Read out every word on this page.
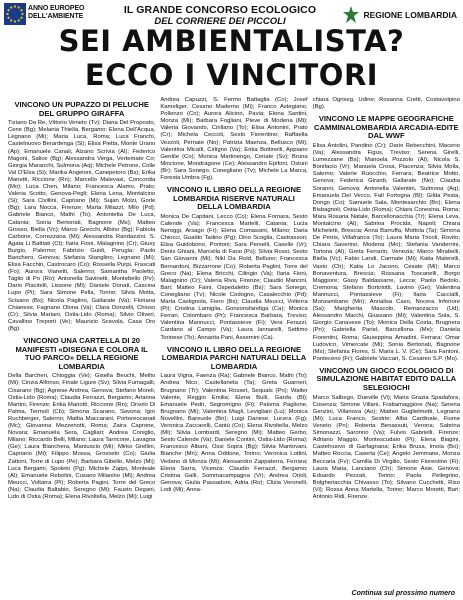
ANNO EUROPEO
DELL'AMBIENTE
IL GRANDE CONCORSO ECOLOGICO
DEL CORRIERE DEI PICCOLI
REGIONE LOMBARDIA
SEI AMBIENTALISTA?
ECCO I VINCITORI
VINCONO UN PUPAZZO DI PELUCHE DEL GRUPPO GIRAFFA
Tiziano Da Re, Vittorio Veneto (Tv); Diana Del Proposto, Cene (Bg); Melania Thiella, Bergamo; Elena Dell'Acqua, Legnano (Mi); Maria Luca, Roma; Luca Franchi, Castelnuovo Berardenga (Si); Elisa Pietta, Monte Urano (Ap); Emanuele Canali, Alzano Scrivia (Al); Federico Magoni, Salice (Bg); Alessandra Verga, Vertemate Co; Giorgia Maranchi, Sulmona (Aq); Michele Petrone, Colle Val D'Elsa (Si); Marika Angeloni, Canepetoro (Bs); Erika Manetti, Riccione (Rn); Marcello Malevasi, Concordia (Mo); Luca Chen, Milano; Francesca Alamo, Prato; Valeria Scotto, Genova-Pegli; Elena Lena, Montalcino (Si); Sara Civillini, Capriano (Mi); Sujan Molzi, Gorle (Bg); Lara Nocca, Firenze; Marta Milazzi, Milo (Pd); Gabriele Bianco, Mathi (To); Antonietta De Luca, Catania; Sonia Bertonati, Bagnone (Ms); Matteo Grosso, Biella (Vc); Marco Grecchi, Albino (Bg); Fabiola Carbone, Correzzana (Mi); Alessandra Randazzini, S. Agata Li Battiati (Ct); Ilaria Fioni, Malagnino (Cr); Giusy Burgio, Palermo; Fabrizio Guidi, Perugia; Paolo Banchero, Genova; Stefania Stanglino, Legnano (Mi); Elisa Facchin, Castrocaro (Co); Rossella Purpi, Frascati (Fo); Aurora Vianetti, Salerno; Samantha Paoletto, Taglio di Po (Ro); Antonella Savinetti, Montebello (Pv); Dario Piacitelli, Lissone (Mi); Daniele Donati, Cascina Lupo (Pi); Sara Simone Pella, Torino; Silvia Motta, Scisano (Bs); Nicola Paglino, Gallarate (Va); Floriana Chianese, Fagnano Olona (Va); Clara Donzelli, Chioso (Cr); Silvia Mariani, Ostia-Lido (Roma); Silvio Oliveri, Cavallino Treporti (Ve); Maurizio Scevola, Casa Oro (Bg).
VINCONO UNA CARTELLA DI 20 MANIFESTI «DISEGNA E COLORA IL TUO PARCO» DELLA REGIONE LOMBARDIA
Della Barcheri, Chioggia (Ve); Gisella Beuchi, Melito (Mi); Cinzia Alfonso, Finale Ligure (Sv); Silvia Fumagalli, Cisarano (Bg); Agnese Andrea, Genova; Stefano Moreli, Ostia-Lido (Roma); Claudia Ferrazzi, Bergamo; Arianna Martini, Firenze; Erika Mariotti, Riccione (Rn); Orsolo Di Palma, Termoli (Cb); Simona Scarano, Savona; Igor Ruchberger, Salerno; Mattia Maccarani, Portoreocanati (Mc); Giovanna Mezzenotti, Roma; Zaira Caprone, Novara; Emanuela Sera, Cagliari; Andrea Coniglio, Milano; Riccardo Belli, Milano; Laura Tarricone, Lavagna (Ge); Laura Bianchera, Maniuscio (Mi); Mirko Grellini, Capriano (Mi); Filippo Mossa, Grosseto (Co); Giulia Zattoni, Torre di Lupo (Pe); Barbara Gibello, Melzo (Mi); Luca Bergami, Spoleto (Pg); Michele Zappi, Monleale (Al); Emanuele Rebolini, Cusano Milanino (Mi); Andrea Meucci, Voltarra (Pi); Roberta Pagini, Torre del Greco (Na); Claudia Baltabio, Seregno (Mi); Fausto Degani, Lido di Ostia (Roma); Elena Rivoltella, Melzo (Mi); Luigi
Andrea Capuzzi, S. Fermo Battaglia (Co); Josef Kameliger, Cesano Maderno (Mi); Franco Astegiano, Pollenzo (Cn); Aurora Alicino, Pavia; Elena Santini, Monza (Mi); Barbara Fogliani, Pieve di Modena (Mi); Valeria Giovando, Cirillano (To); Elisa Antonini, Prato (Cr); Michela Ceccoli, Sesto Fiorentino; Raffaella Vezzoli, Pernate (No); Patrizia Maenza, Bellusco (Mi); Valentina Micalli, Cirligno (Va); Erika Bottinelli, Appiano Gentile (Co); Monica Martinengo, Ceriale (Sv); Bruna Mincione, Mondragone (Ce); Alessandro Epifoni, Ostuni (Br); Sara Sonego, Conegliano (Tv); Michele La Marca, Foresta Umbra (Fg).
VINCONO IL LIBRO DELLA REGIONE LOMBARDIA RISERVE NATURALI DELLA LOMBARDIA
Monica De Capitani, Lecco (Co); Elena Fornara, Sesto Calende (Va); Francesca Martelli, Catania; Lucia Neroggi, Arsago (Fr); Elena Comassini, Milano; Daria Chiocci, Gualdo Tadino (Pg); Dino Scoglia, Castrasson; Elisa Guidobono, Pontoni; Sara Perselli, Caselle (Vr); Denis Ghiani, Marcella di Fano (Ps); Silvia Rossi, Sesto San Giovanni (Mi); Nikl Da Rold, Belluno; Francesca Bernardoni, Bizzarrone (Co); Roberta Paglini, Torre del Greco (Na); Elena Bricchi, Cilingio (Va); Ilaria Fioni, Malagnino (Cr); Valeria Riva, Firenze; Claudio Mancini, Bari; Matteo Faini, Ospedaletto (Bs); Sara Sonego, Conegliano (Tv); Nicole Codogno, Casalecchio (Pd); Marta Castignola, Fiero (Bs); Claudia Meucci, Volterra (Pi); Cristina Lamiglia, Gonzonsfandiga (Ca); Monica Ferrari, Colombaro (Pr); Francesca Barbara, Treviso; Valentina Mannucci, Pontassieve (Fi); Vera Ferazzi, Cardano al Campo (Va); Laura Iannarelli, Settimo Torinese (To); Annarita Pani, Assemini (Ca).
VINCONO IL LIBRO DELLA REGIONE LOMBARDIA PARCHI NATURALI DELLA LOMBARDIA
Laura Vigna, Faenza (Ra); Gabriele Bianco, Mathi (To); Andrea Nico, Castellaneta (Ta); Greta Guarneri, Brugnano (Tr); Valentina Rosset, Sequals (Pn); Walter Valente, Reggio Emilia; Elena Bulli, Garda (Bl); Emanuele Pedri, Segromigno (Fi); Paloma Paglione, Brugnano (Mi); Valentina Magli, Levigliani (Lu); Monica Novellini, Bareuole (Bn); Luigi Danese, Lucera (Fg); Veronica Zaccarelli, Cantù (Co); Elena Rivoltella, Melzo (Mi); Silvia Lombardi, Seregno (Mi); Matteo Gerbo, Sesto Calende (Va); Daniele Contini, Ostia-Lido (Roma); Francesco Albani, Ossi Sopra (Bg); Silvia Mantovani, Bianche (Mn); Anna Oddone, Torino; Veronica Lottini, Vedano di Monza (Mi); Alessandro Zappaterra, Ferrara; Elena Sarra, Vicenza; Claudio Ferrazzi, Bergamo; Cristina Galli, Sommacampagna (Vr); Andrea Orioli, Genova; Giulia Passadore, Adria (Ro); Clizia Veronelli, Lodi (Mi); Anna-
chiara Ogriseg, Udine; Rosanna Cretti, Costavolpino (Bg).
VINCONO LE MAPPE GEOGRAFICHE CAMMINALOMBARDIA ARCADIA-EDITE DAL WWF
Elisa Antolini, Pandino (Cr); Dario Rebecchini, Macerio (Va); Alessandra Figus, Treviso; Serena Girelli, Lumezzane (Bs); Manoela Pozzolo (Al); Nicola S. Bonifacio (Vr); Manuela Crosa, Piacenza; Silvia Molla, Salerno; Valerie Ruocchio, Ferrara; Beatrice Motto, Genova; Federica Girardi, Gallarate (No); Claudia Soranni, Genova; Antonella Valentini, Sulmona (Aq); Emanuela Del Vecco, Fall Fortogna (Bl); Gilda Pesta, Dongo (Co); Samuele Sala, Montesarchio (Bn); Elena Bisbagnoli, Ostia-Lido (Roma); Chiara Conesina, Roma; Mara Rosaria Natale, Barcellonacchia (Tr); Elena Leva, Montalcino (Al); Sabrina Procida, Napoli; Chiara Micheletti, Brescia; Anna Barruffa, Mottola (Ta); Simona De Petris, Villafranca (To); Laura Maria Tricoli, Rovito; Chiara Saverino, Modena (Mo); Stefania Vanderrini, Tortona (Al); Greta Ferrarin, Venezia; Marco Mirabelli, Biella (Vc); Fabio Landi, Carmate (Mi); Katia Materelli, Vasto (Ch); Katia Lo Jacono, Cesate (Mi); Marco Bonaventura, Brescia; Rossana Toscanelli, Borgo Maggiore; Giusy Baldassarre, Lecce; Paolo Bedolo, Cremona; Stefano Bortolotti, Lavino (Ge); Valentina Mannucci, Pontassieve (Fi); Ilaria Caccialli, Monzambano (Mn); Annalisa Caso, Nocera Inferiore (Sa); Margherita Mascolo, Remanzacco (Ud); Alessandro Marchi, Giussano (Mi); Valentina Sola, S. Giorgio Canavese (To); Monica Della Costa, Brugnera (Pn); Gabriella Pariel, Barcellona (Me); Daniela Fiorentini, Roma; Giuseppina Amadini, Ferrara; Omar Ludovico, Vimercate (Mi); Sonia Bertonati, Bagnone (Ms); Stefania Flores, S. Maria L. V. (Ce); Sara Fantoni, Ponteceno (Fr); Gabriele Vaccari, S. Cesareo S.P. (Mo).
VINCONO UN GIOCO ECOLOGICO DI SIMULAZIONE HABITAT EDITO DALLA SELEGIOCHI
Marco Salbego, Dueville (Vi); Maria Grazia Spadafora, Cosenza; Simone Villani, Frattamaggiore (Na); Serena Genzini, Villanova (Ao); Matteo Guglielmetti, Legnano (Mi); Luca Franco, Sestrie; Alba Cardinale, Fiume Veneto (Pn); Roberta Benassuti, Verona; Sabrina Simonazzi, Saronno (Va); Fulvio Gabrielli, Firenze; Adriano Maggio, Montescudaio (Pi); Elena Biagini, Castelnuovo di Garfagnana; Erika Brusa, Imola (Bo); Matteo Roccia, Caserta (Ce); Angelo Jemmane, Monza Beccaria (Fv); Camilla Di Virgilio, Sesto Fiorentino (Fi); Laura Maria, Lanciano (Ch); Simone Asie, Genova; Edoardo Pezzati, Torino; Paola Pellegrino, Bolgheriacchia Chivasso (To); Silvano Cucchetti, Riso (Vi); Rossa Anna Martella, Torino; Marco Moretti, Bari; Antonio Ridi, Firenze.
Continua sul prossimo numero
